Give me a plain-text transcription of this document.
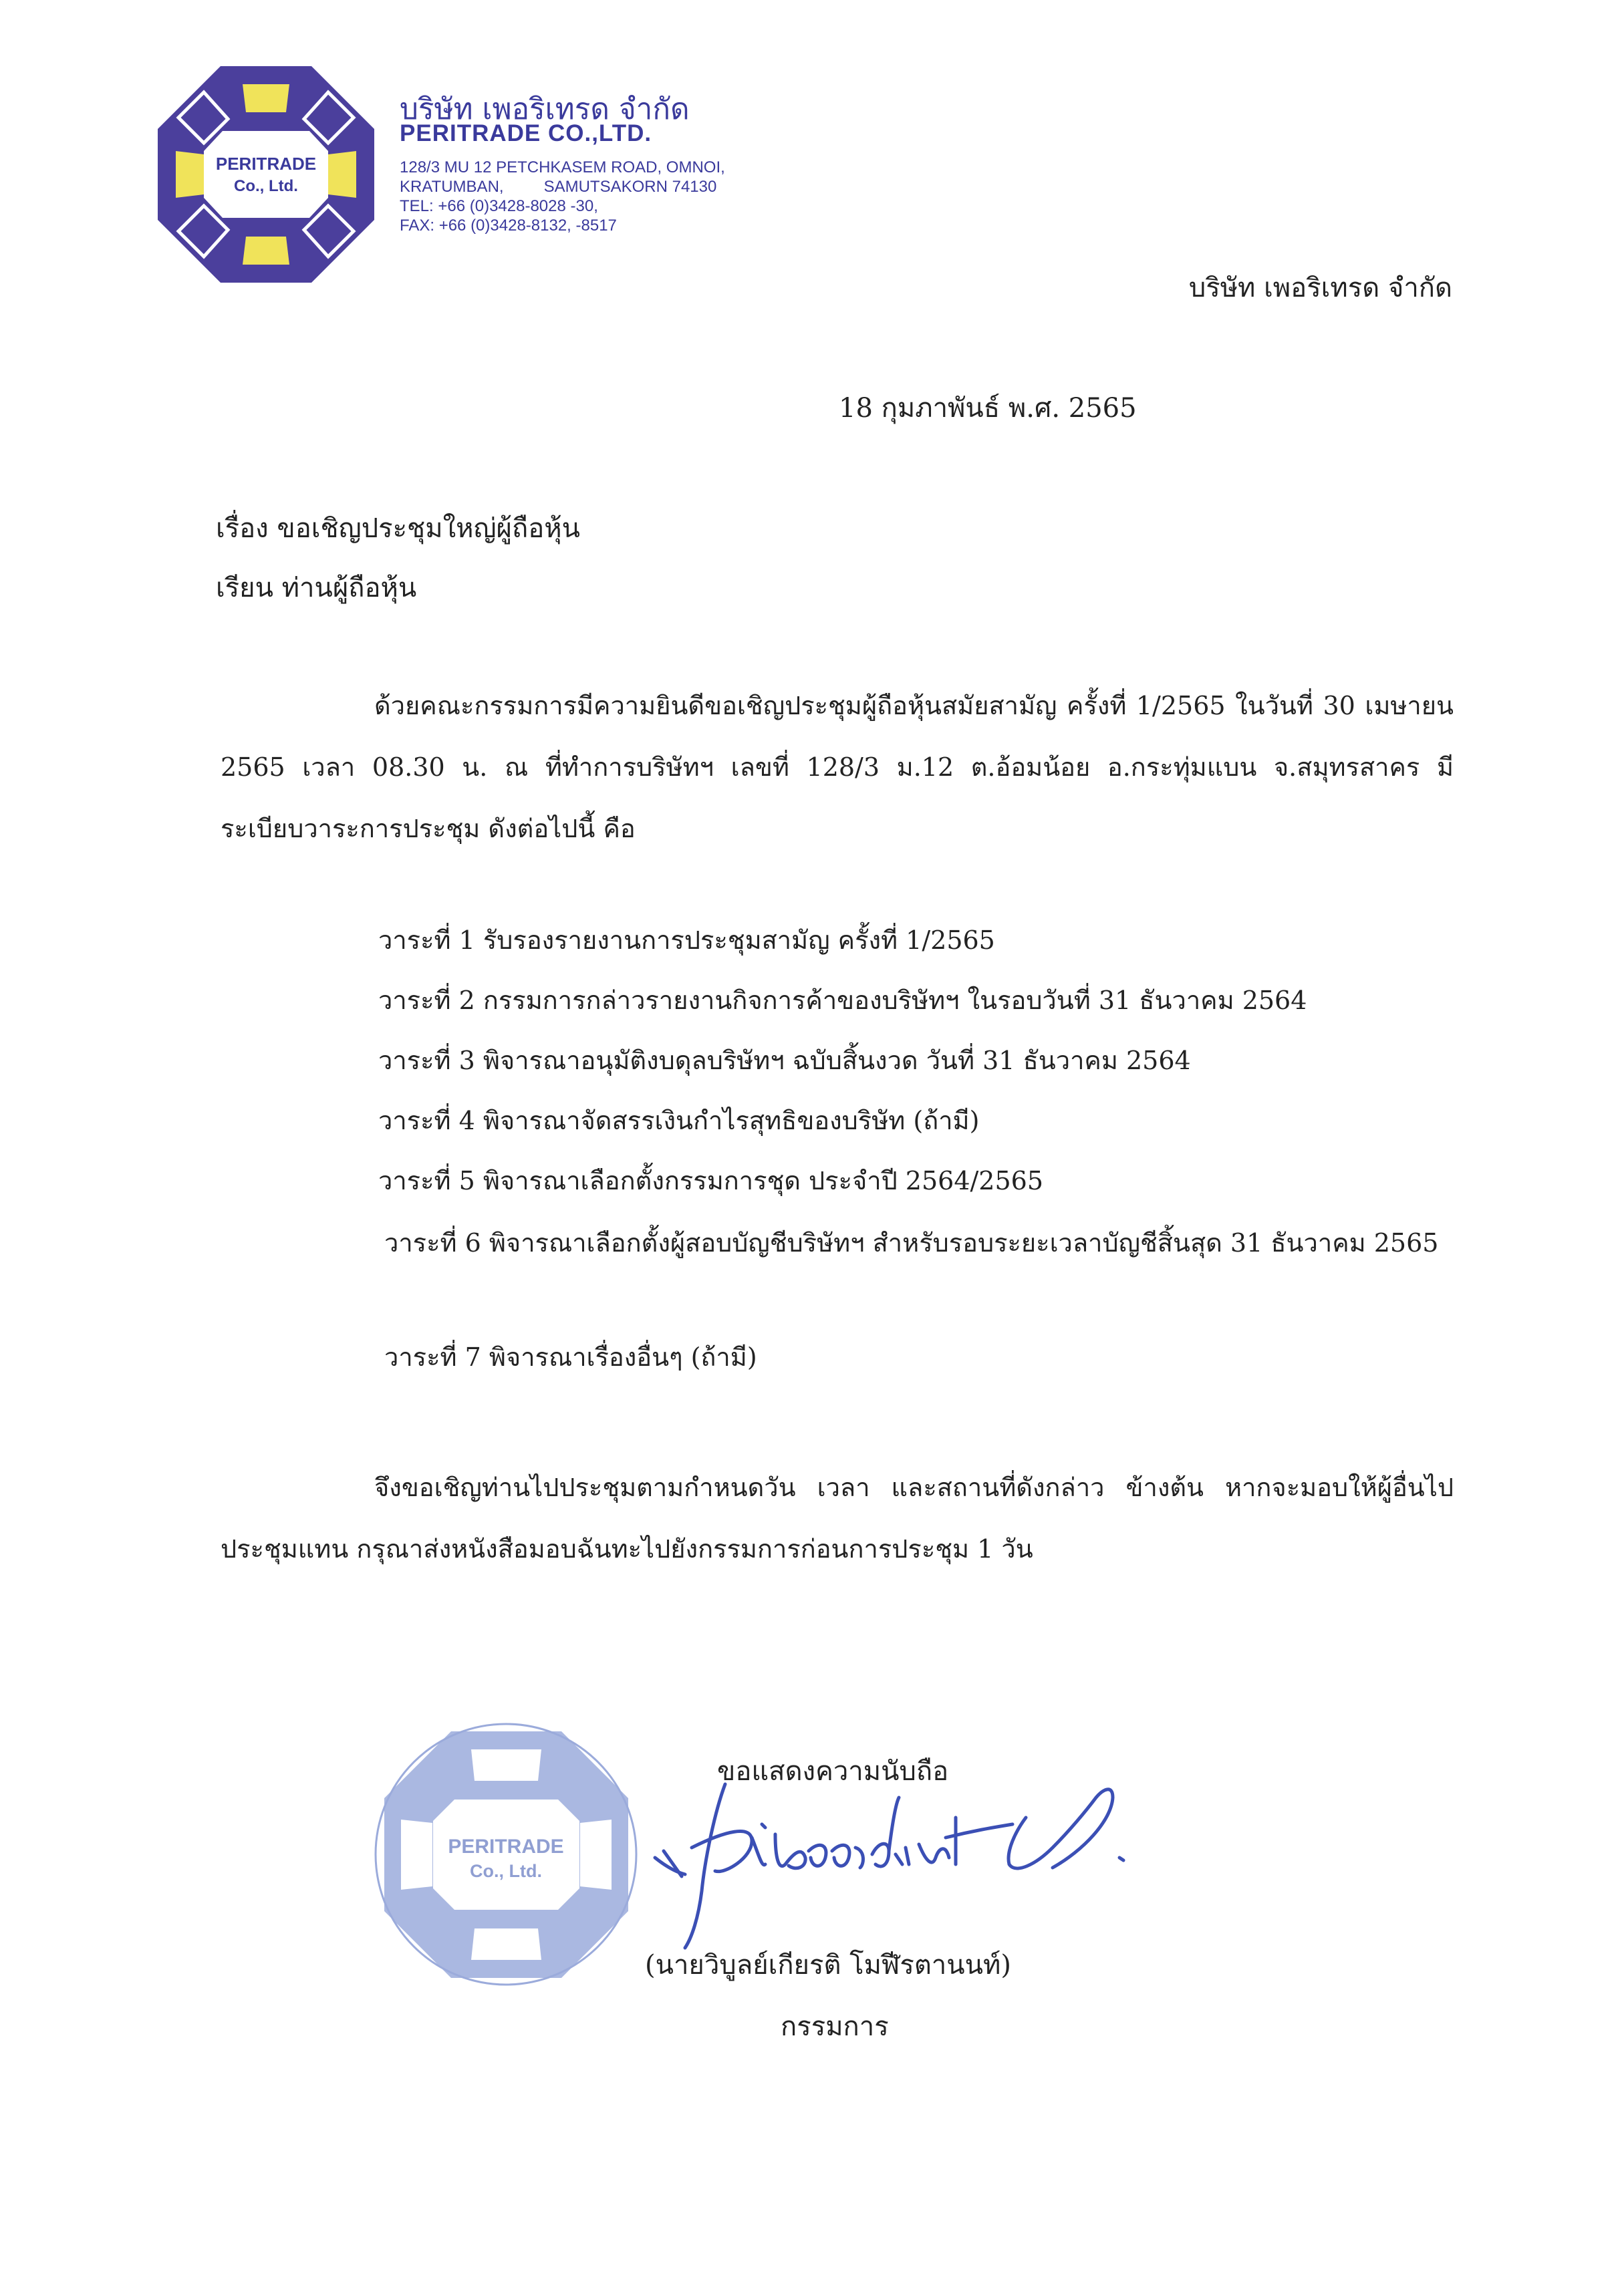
PERITRADE
Co., Ltd.
บริษัท เพอริเทรด จำกัด
PERITRADE CO.,LTD.
128/3 MU 12 PETCHKASEM ROAD, OMNOI,
KRATUMBAN,         SAMUTSAKORN 74130
TEL: +66 (0)3428-8028 -30,
FAX: +66 (0)3428-8132, -8517
บริษัท เพอริเทรด จำกัด
18 กุมภาพันธ์ พ.ศ. 2565
เรื่อง ขอเชิญประชุมใหญ่ผู้ถือหุ้น
เรียน ท่านผู้ถือหุ้น
ด้วยคณะกรรมการมีความยินดีขอเชิญประชุมผู้ถือหุ้นสมัยสามัญ ครั้งที่ 1/2565 ในวันที่ 30 เมษายน 2565 เวลา 08.30 น. ณ ที่ทำการบริษัทฯ เลขที่ 128/3 ม.12 ต.อ้อมน้อย อ.กระทุ่มแบน จ.สมุทรสาคร มีระเบียบวาระการประชุม ดังต่อไปนี้ คือ
วาระที่ 1 รับรองรายงานการประชุมสามัญ ครั้งที่ 1/2565
วาระที่ 2 กรรมการกล่าวรายงานกิจการค้าของบริษัทฯ ในรอบวันที่ 31 ธันวาคม 2564
วาระที่ 3 พิจารณาอนุมัติงบดุลบริษัทฯ ฉบับสิ้นงวด วันที่ 31 ธันวาคม 2564
วาระที่ 4 พิจารณาจัดสรรเงินกำไรสุทธิของบริษัท (ถ้ามี)
วาระที่ 5 พิจารณาเลือกตั้งกรรมการชุด ประจำปี 2564/2565
วาระที่ 6 พิจารณาเลือกตั้งผู้สอบบัญชีบริษัทฯ สำหรับรอบระยะเวลาบัญชีสิ้นสุด 31 ธันวาคม 2565
วาระที่ 7 พิจารณาเรื่องอื่นๆ (ถ้ามี)
จึงขอเชิญท่านไปประชุมตามกำหนดวัน เวลา และสถานที่ดังกล่าว ข้างต้น หากจะมอบให้ผู้อื่นไปประชุมแทน กรุณาส่งหนังสือมอบฉันทะไปยังกรรมการก่อนการประชุม 1 วัน
PERITRADE
Co., Ltd.
ขอแสดงความนับถือ
(นายวิบูลย์เกียรติ โมฬีรตานนท์)
กรรมการ
